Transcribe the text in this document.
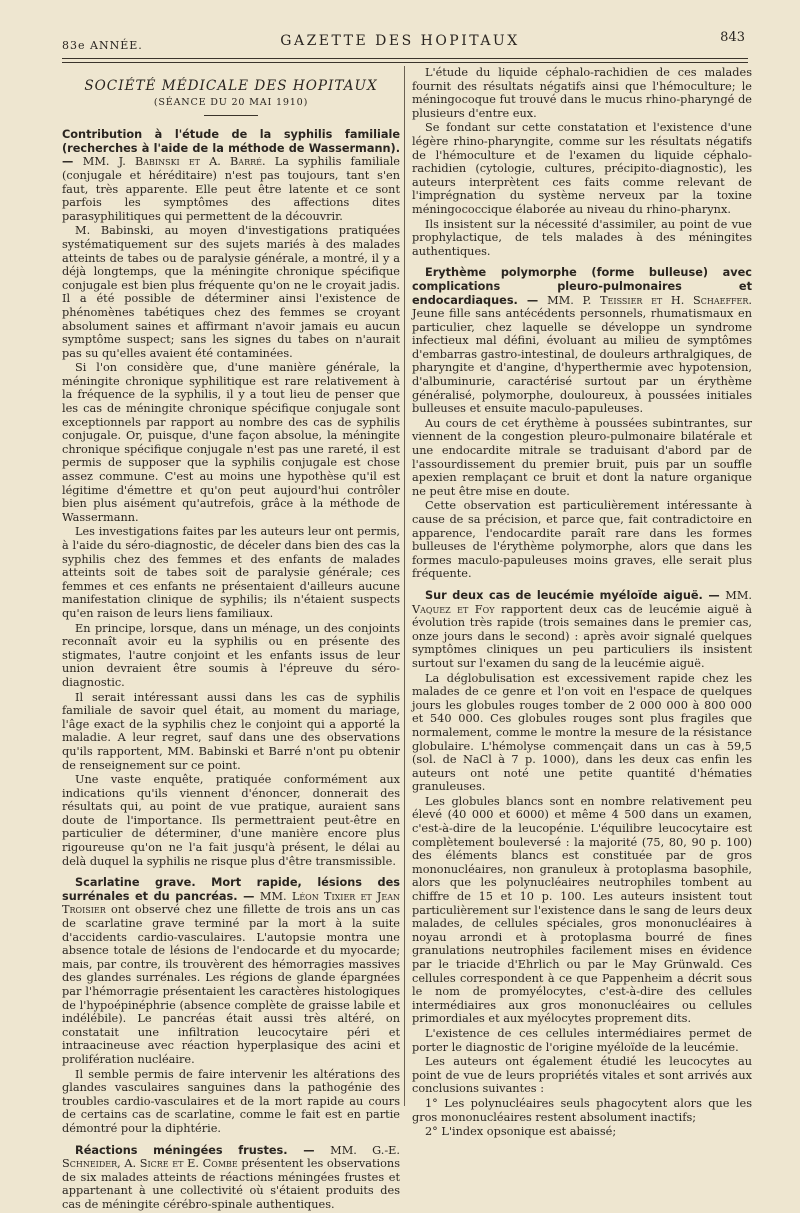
83e ANNÉE.	GAZETTE DES HOPITAUX	843
SOCIÉTÉ MÉDICALE DES HOPITAUX
(SÉANCE DU 20 MAI 1910)

Contribution à l'étude de la syphilis familiale (recherches à l'aide de la méthode de Wassermann). — MM. J. Babinski et A. Barré. La syphilis familiale (conjugale et héréditaire) n'est pas toujours, tant s'en faut, très apparente. Elle peut être latente et ce sont parfois les symptômes des affections dites parasyphilitiques qui permettent de la découvrir.

M. Babinski, au moyen d'investigations pratiquées systématiquement sur des sujets mariés à des malades atteints de tabes ou de paralysie générale, a montré, il y a déjà longtemps, que la méningite chronique spécifique conjugale est bien plus fréquente qu'on ne le croyait jadis. Il a été possible de déterminer ainsi l'existence de phénomènes tabétiques chez des femmes se croyant absolument saines et affirmant n'avoir jamais eu aucun symptôme suspect; sans les signes du tabes on n'aurait pas su qu'elles avaient été contaminées.

Si l'on considère que, d'une manière générale, la méningite chronique syphilitique est rare relativement à la fréquence de la syphilis, il y a tout lieu de penser que les cas de méningite chronique spécifique conjugale sont exceptionnels par rapport au nombre des cas de syphilis conjugale. Or, puisque, d'une façon absolue, la méningite chronique spécifique conjugale n'est pas une rareté, il est permis de supposer que la syphilis conjugale est chose assez commune. C'est au moins une hypothèse qu'il est légitime d'émettre et qu'on peut aujourd'hui contrôler bien plus aisément qu'autrefois, grâce à la méthode de Wassermann.

Les investigations faites par les auteurs leur ont permis, à l'aide du séro-diagnostic, de déceler dans bien des cas la syphilis chez des femmes et des enfants de malades atteints soit de tabes soit de paralysie générale; ces femmes et ces enfants ne présentaient d'ailleurs aucune manifestation clinique de syphilis; ils n'étaient suspects qu'en raison de leurs liens familiaux.

En principe, lorsque, dans un ménage, un des conjoints reconnaît avoir eu la syphilis ou en présente des stigmates, l'autre conjoint et les enfants issus de leur union devraient être soumis à l'épreuve du séro-diagnostic.

Il serait intéressant aussi dans les cas de syphilis familiale de savoir quel était, au moment du mariage, l'âge exact de la syphilis chez le conjoint qui a apporté la maladie. A leur regret, sauf dans une des observations qu'ils rapportent, MM. Babinski et Barré n'ont pu obtenir de renseignement sur ce point.

Une vaste enquête, pratiquée conformément aux indications qu'ils viennent d'énoncer, donnerait des résultats qui, au point de vue pratique, auraient sans doute de l'importance. Ils permettraient peut-être en particulier de déterminer, d'une manière encore plus rigoureuse qu'on ne l'a fait jusqu'à présent, le délai au delà duquel la syphilis ne risque plus d'être transmissible.

Scarlatine grave. Mort rapide, lésions des surrénales et du pancréas. — MM. Léon Tixier et Jean Troisier ont observé chez une fillette de trois ans un cas de scarlatine grave terminé par la mort à la suite d'accidents cardio-vasculaires. L'autopsie montra une absence totale de lésions de l'endocarde et du myocarde; mais, par contre, ils trouvèrent des hémorragies massives des glandes surrénales. Les régions de glande épargnées par l'hémorragie présentaient les caractères histologiques de l'hypoépinéphrie (absence complète de graisse labile et indélébile). Le pancréas était aussi très altéré, on constatait une infiltration leucocytaire péri et intraacineuse avec réaction hyperplasique des acini et prolifération nucléaire.

Il semble permis de faire intervenir les altérations des glandes vasculaires sanguines dans la pathogénie des troubles cardio-vasculaires et de la mort rapide au cours de certains cas de scarlatine, comme le fait est en partie démontré pour la diphtérie.

Réactions méningées frustes. — MM. G.-E. Schneider, A. Sicre et E. Combe présentent les observations de six malades atteints de réactions méningées frustes et appartenant à une collectivité où s'étaient produits des cas de méningite cérébro-spinale authentiques.

L'étude du liquide céphalo-rachidien de ces malades fournit des résultats négatifs ainsi que l'hémoculture; le méningocoque fut trouvé dans le mucus rhino-pharyngé de plusieurs d'entre eux.

Se fondant sur cette constatation et l'existence d'une légère rhino-pharyngite, comme sur les résultats négatifs de l'hémoculture et de l'examen du liquide céphalo-rachidien (cytologie, cultures, précipito-diagnostic), les auteurs interprètent ces faits comme relevant de l'imprégnation du système nerveux par la toxine méningococcique élaborée au niveau du rhino-pharynx.

Ils insistent sur la nécessité d'assimiler, au point de vue prophylactique, de tels malades à des méningites authentiques.

Erythème polymorphe (forme bulleuse) avec complications pleuro-pulmonaires et endocardiaques. — MM. P. Teissier et H. Schaeffer. Jeune fille sans antécédents personnels, rhumatismaux en particulier, chez laquelle se développe un syndrome infectieux mal défini, évoluant au milieu de symptômes d'embarras gastro-intestinal, de douleurs arthralgiques, de pharyngite et d'angine, d'hyperthermie avec hypotension, d'albuminurie, caractérisé surtout par un érythème généralisé, polymorphe, douloureux, à poussées initiales bulleuses et ensuite maculo-papuleuses.

Au cours de cet érythème à poussées subintrantes, sur viennent de la congestion pleuro-pulmonaire bilatérale et une endocardite mitrale se traduisant d'abord par de l'assourdissement du premier bruit, puis par un souffle apexien remplaçant ce bruit et dont la nature organique ne peut être mise en doute.

Cette observation est particulièrement intéressante à cause de sa précision, et parce que, fait contradictoire en apparence, l'endocardite paraît rare dans les formes bulleuses de l'érythème polymorphe, alors que dans les formes maculo-papuleuses moins graves, elle serait plus fréquente.

Sur deux cas de leucémie myéloïde aiguë. — MM. Vaquez et Foy rapportent deux cas de leucémie aiguë à évolution très rapide (trois semaines dans le premier cas, onze jours dans le second) : après avoir signalé quelques symptômes cliniques un peu particuliers ils insistent surtout sur l'examen du sang de la leucémie aiguë.

La déglobulisation est excessivement rapide chez les malades de ce genre et l'on voit en l'espace de quelques jours les globules rouges tomber de 2 000 000 à 800 000 et 540 000. Ces globules rouges sont plus fragiles que normalement, comme le montre la mesure de la résistance globulaire. L'hémolyse commençait dans un cas à 59,5 (sol. de NaCl à 7 p. 1000), dans les deux cas enfin les auteurs ont noté une petite quantité d'hématies granuleuses.

Les globules blancs sont en nombre relativement peu élevé (40 000 et 6000) et même 4 500 dans un examen, c'est-à-dire de la leucopénie. L'équilibre leucocytaire est complètement bouleversé : la majorité (75, 80, 90 p. 100) des éléments blancs est constituée par de gros mononucléaires, non granuleux à protoplasma basophile, alors que les polynucléaires neutrophiles tombent au chiffre de 15 et 10 p. 100. Les auteurs insistent tout particulièrement sur l'existence dans le sang de leurs deux malades, de cellules spéciales, gros mononucléaires à noyau arrondi et à protoplasma bourré de fines granulations neutrophiles facilement mises en évidence par le triacide d'Ehrlich ou par le May Grünwald. Ces cellules correspondent à ce que Pappenheim a décrit sous le nom de promyélocytes, c'est-à-dire des cellules intermédiaires aux gros mononucléaires ou cellules primordiales et aux myélocytes proprement dits.

L'existence de ces cellules intermédiaires permet de porter le diagnostic de l'origine myéloïde de la leucémie.

Les auteurs ont également étudié les leucocytes au point de vue de leurs propriétés vitales et sont arrivés aux conclusions suivantes :

1° Les polynucléaires seuls phagocytent alors que les gros mononucléaires restent absolument inactifs;

2° L'index opsonique est abaissé;
